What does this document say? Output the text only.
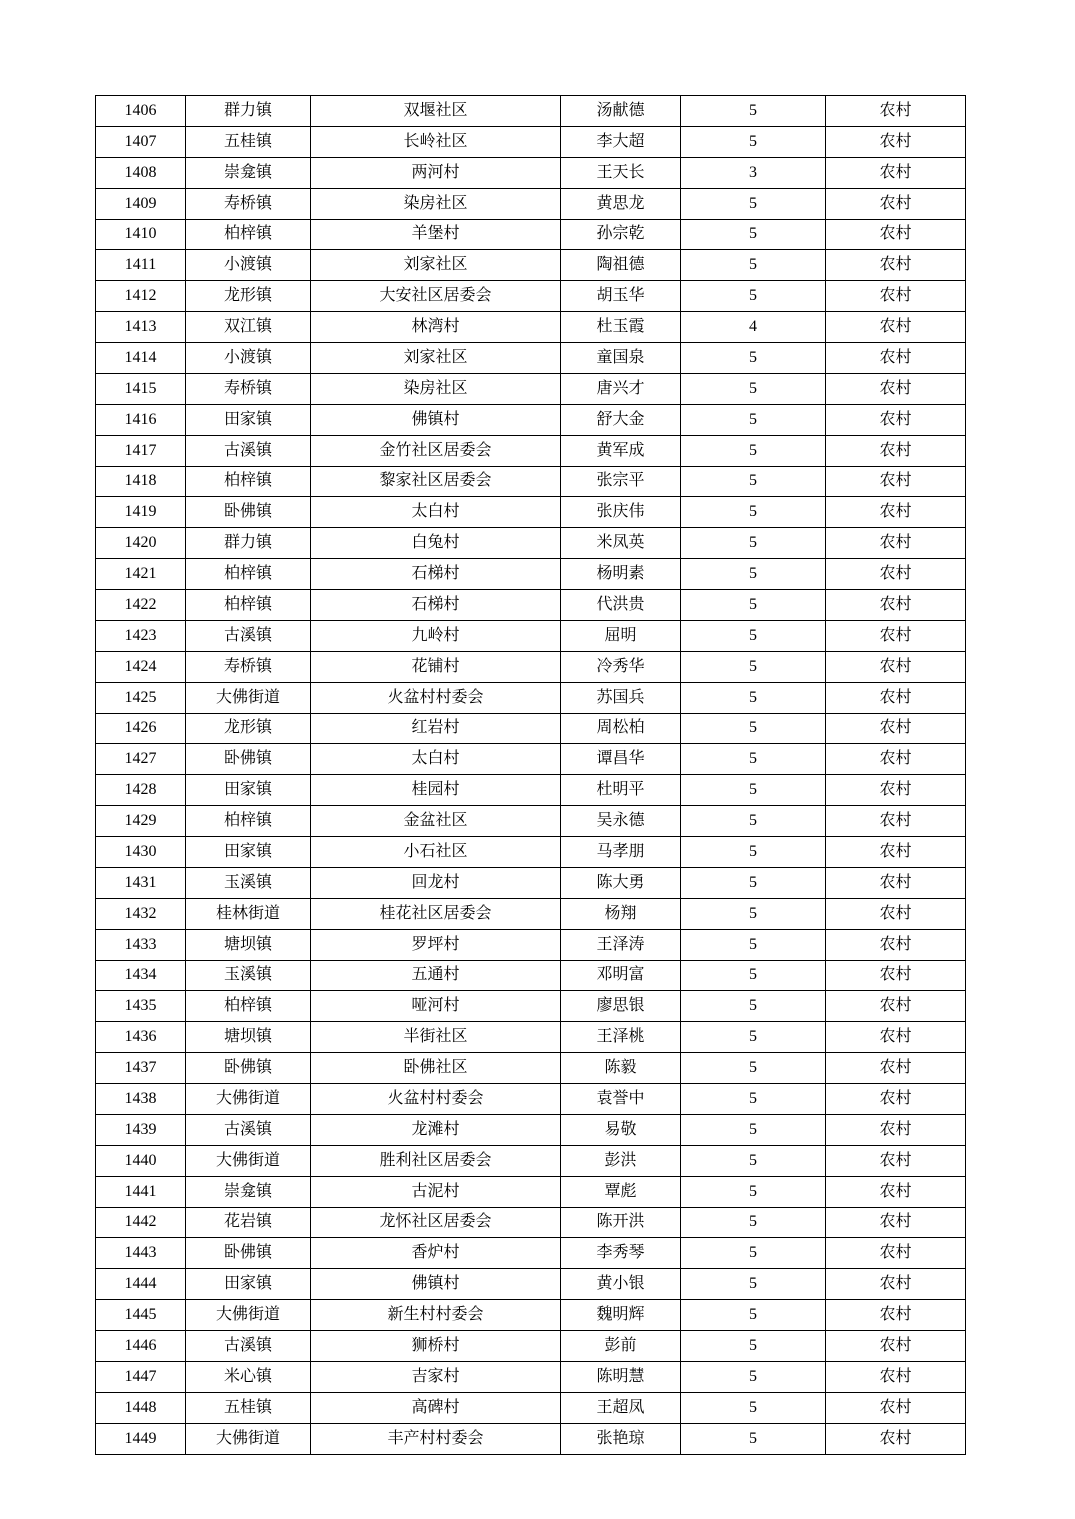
1406	群力镇	双堰社区	汤献德	5	农村
1407	五桂镇	长岭社区	李大超	5	农村
1408	崇龛镇	两河村	王天长	3	农村
1409	寿桥镇	染房社区	黄思龙	5	农村
1410	柏梓镇	羊堡村	孙宗乾	5	农村
1411	小渡镇	刘家社区	陶祖德	5	农村
1412	龙形镇	大安社区居委会	胡玉华	5	农村
1413	双江镇	林湾村	杜玉霞	4	农村
1414	小渡镇	刘家社区	童国泉	5	农村
1415	寿桥镇	染房社区	唐兴才	5	农村
1416	田家镇	佛镇村	舒大金	5	农村
1417	古溪镇	金竹社区居委会	黄军成	5	农村
1418	柏梓镇	黎家社区居委会	张宗平	5	农村
1419	卧佛镇	太白村	张庆伟	5	农村
1420	群力镇	白兔村	米凤英	5	农村
1421	柏梓镇	石梯村	杨明素	5	农村
1422	柏梓镇	石梯村	代洪贵	5	农村
1423	古溪镇	九岭村	屈明	5	农村
1424	寿桥镇	花铺村	冷秀华	5	农村
1425	大佛街道	火盆村村委会	苏国兵	5	农村
1426	龙形镇	红岩村	周松柏	5	农村
1427	卧佛镇	太白村	谭昌华	5	农村
1428	田家镇	桂园村	杜明平	5	农村
1429	柏梓镇	金盆社区	吴永德	5	农村
1430	田家镇	小石社区	马孝朋	5	农村
1431	玉溪镇	回龙村	陈大勇	5	农村
1432	桂林街道	桂花社区居委会	杨翔	5	农村
1433	塘坝镇	罗坪村	王泽涛	5	农村
1434	玉溪镇	五通村	邓明富	5	农村
1435	柏梓镇	哑河村	廖思银	5	农村
1436	塘坝镇	半街社区	王泽桃	5	农村
1437	卧佛镇	卧佛社区	陈毅	5	农村
1438	大佛街道	火盆村村委会	袁誉中	5	农村
1439	古溪镇	龙滩村	易敬	5	农村
1440	大佛街道	胜利社区居委会	彭洪	5	农村
1441	崇龛镇	古泥村	覃彪	5	农村
1442	花岩镇	龙怀社区居委会	陈开洪	5	农村
1443	卧佛镇	香炉村	李秀琴	5	农村
1444	田家镇	佛镇村	黄小银	5	农村
1445	大佛街道	新生村村委会	魏明辉	5	农村
1446	古溪镇	狮桥村	彭前	5	农村
1447	米心镇	吉家村	陈明慧	5	农村
1448	五桂镇	高碑村	王超凤	5	农村
1449	大佛街道	丰产村村委会	张艳琼	5	农村
